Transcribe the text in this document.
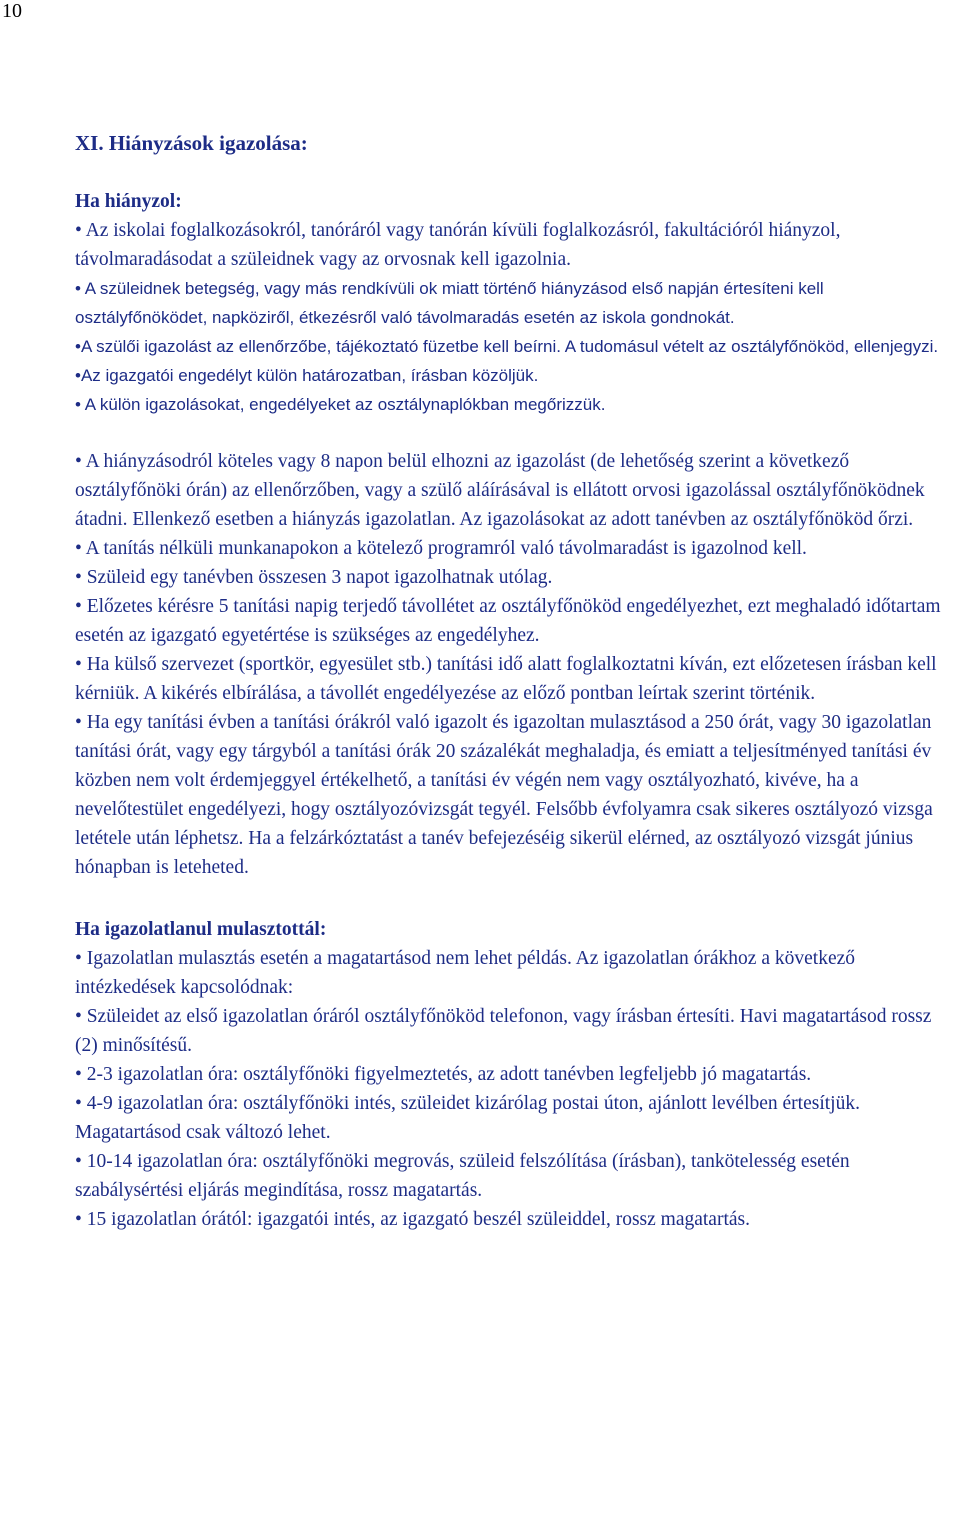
10
XI. Hiányzások igazolása:
Ha hiányzol:

• Az iskolai foglalkozásokról, tanóráról vagy tanórán kívüli foglalkozásról, fakultációról hiányzol, távolmaradásodat a szüleidnek vagy az orvosnak kell igazolnia.

• A szüleidnek betegség, vagy más rendkívüli ok miatt történő hiányzásod első napján értesíteni kell osztályfőnöködet, napköziről, étkezésről való távolmaradás esetén az iskola gondnokát.

•A szülői igazolást az ellenőrzőbe, tájékoztató füzetbe kell beírni. A tudomásul vételt az osztályfőnököd, ellenjegyzi.

•Az igazgatói engedélyt külön határozatban, írásban közöljük.

• A külön igazolásokat, engedélyeket az osztálynaplókban megőrizzük.

• A hiányzásodról köteles vagy 8 napon belül elhozni az igazolást (de lehetőség szerint a következő osztályfőnöki órán) az ellenőrzőben, vagy a szülő aláírásával is ellátott orvosi igazolással osztályfőnöködnek átadni. Ellenkező esetben a hiányzás igazolatlan. Az igazolásokat az adott tanévben az osztályfőnököd őrzi.

• A tanítás nélküli munkanapokon a kötelező programról való távolmaradást is igazolnod kell.

• Szüleid egy tanévben összesen 3 napot igazolhatnak utólag.

• Előzetes kérésre 5 tanítási napig terjedő távollétet az osztályfőnököd engedélyezhet, ezt meghaladó időtartam esetén az igazgató egyetértése is szükséges az engedélyhez.

• Ha külső szervezet (sportkör, egyesület stb.) tanítási idő alatt foglalkoztatni kíván, ezt előzetesen írásban kell kérniük. A kikérés elbírálása, a távollét engedélyezése az előző pontban leírtak szerint történik.

• Ha egy tanítási évben a tanítási órákról való igazolt és igazoltan mulasztásod a 250 órát, vagy 30 igazolatlan tanítási órát, vagy egy tárgyból a tanítási órák 20 százalékát meghaladja, és emiatt a teljesítményed tanítási év közben nem volt érdemjeggyel értékelhető, a tanítási év végén nem vagy osztályozható, kivéve, ha a nevelőtestület engedélyezi, hogy osztályozóvizsgát tegyél. Felsőbb évfolyamra csak sikeres osztályozó vizsga letétele után léphetsz. Ha a felzárkóztatást a tanév befejezéséig sikerül elérned, az osztályozó vizsgát június hónapban is leteheted.

Ha igazolatlanul mulasztottál:

• Igazolatlan mulasztás esetén a magatartásod nem lehet példás. Az igazolatlan órákhoz a következő intézkedések kapcsolódnak:

• Szüleidet az első igazolatlan óráról osztályfőnököd telefonon, vagy írásban értesíti. Havi magatartásod rossz (2) minősítésű.

• 2-3 igazolatlan óra: osztályfőnöki figyelmeztetés, az adott tanévben legfeljebb jó magatartás.

• 4-9 igazolatlan óra: osztályfőnöki intés, szüleidet kizárólag postai úton, ajánlott levélben értesítjük. Magatartásod csak változó lehet.

• 10-14 igazolatlan óra: osztályfőnöki megrovás, szüleid felszólítása (írásban), tankötelesség esetén szabálysértési eljárás megindítása, rossz magatartás.

• 15 igazolatlan órától: igazgatói intés, az igazgató beszél szüleiddel, rossz magatartás.
